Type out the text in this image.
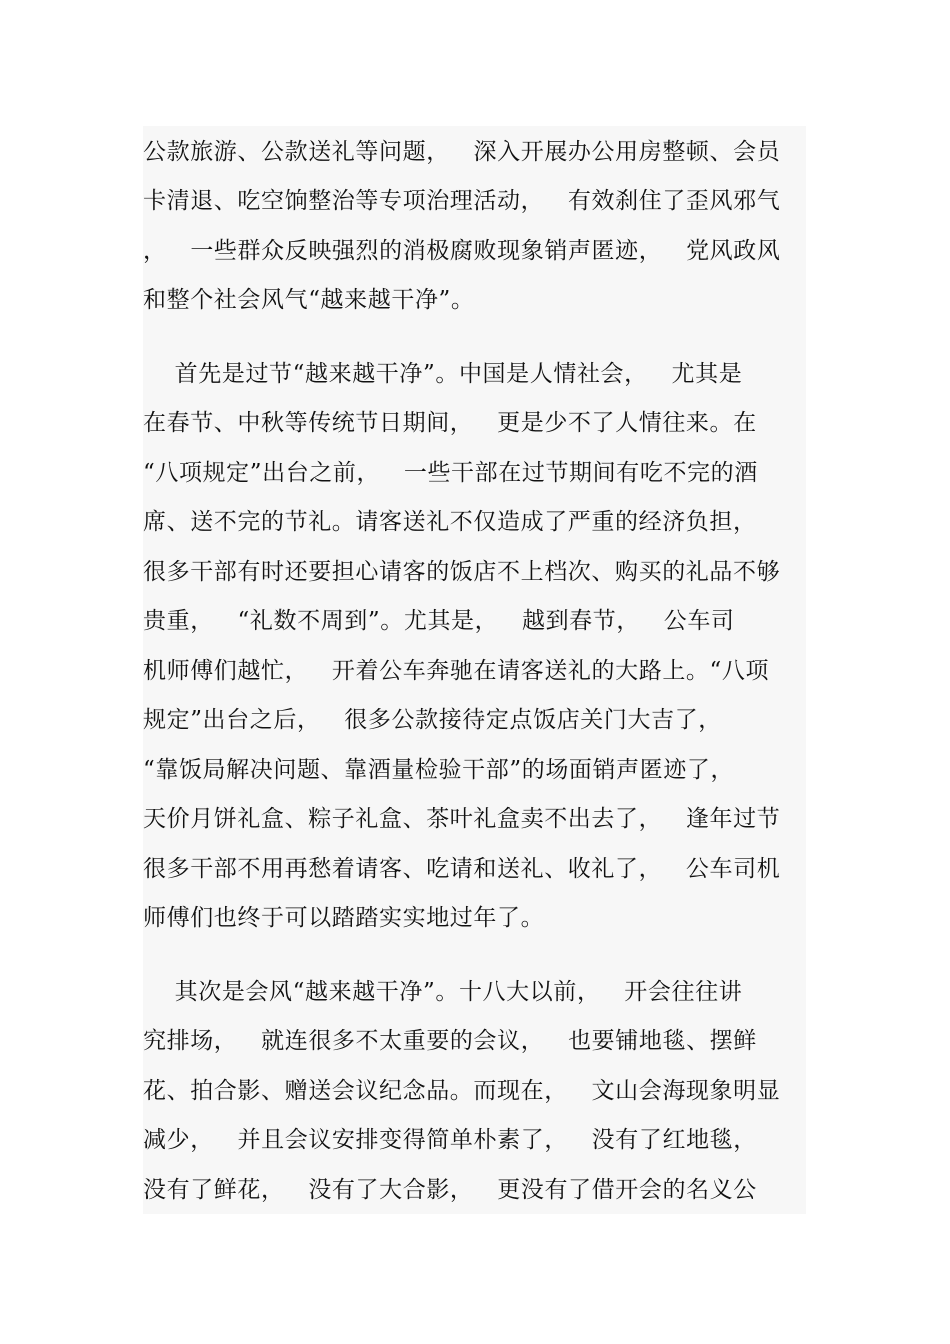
公款旅游、公款送礼等问题，   深入开展办公用房整顿、会员
卡清退、吃空饷整治等专项治理活动，   有效刹住了歪风邪气
，   一些群众反映强烈的消极腐败现象销声匿迹，   党风政风
和整个社会风气“越来越干净”。
首先是过节“越来越干净”。中国是人情社会，   尤其是
在春节、中秋等传统节日期间，   更是少不了人情往来。在
“八项规定”出台之前，   一些干部在过节期间有吃不完的酒
席、送不完的节礼。请客送礼不仅造成了严重的经济负担，
很多干部有时还要担心请客的饭店不上档次、购买的礼品不够
贵重，   “礼数不周到”。尤其是，   越到春节，   公车司
机师傅们越忙，   开着公车奔驰在请客送礼的大路上。“八项
规定”出台之后，   很多公款接待定点饭店关门大吉了，
“靠饭局解决问题、靠酒量检验干部”的场面销声匿迹了，
天价月饼礼盒、粽子礼盒、茶叶礼盒卖不出去了，   逢年过节
很多干部不用再愁着请客、吃请和送礼、收礼了，   公车司机
师傅们也终于可以踏踏实实地过年了。
其次是会风“越来越干净”。十八大以前，   开会往往讲
究排场，   就连很多不太重要的会议，   也要铺地毯、摆鲜
花、拍合影、赠送会议纪念品。而现在，   文山会海现象明显
减少，   并且会议安排变得简单朴素了，   没有了红地毯，
没有了鲜花，   没有了大合影，   更没有了借开会的名义公
